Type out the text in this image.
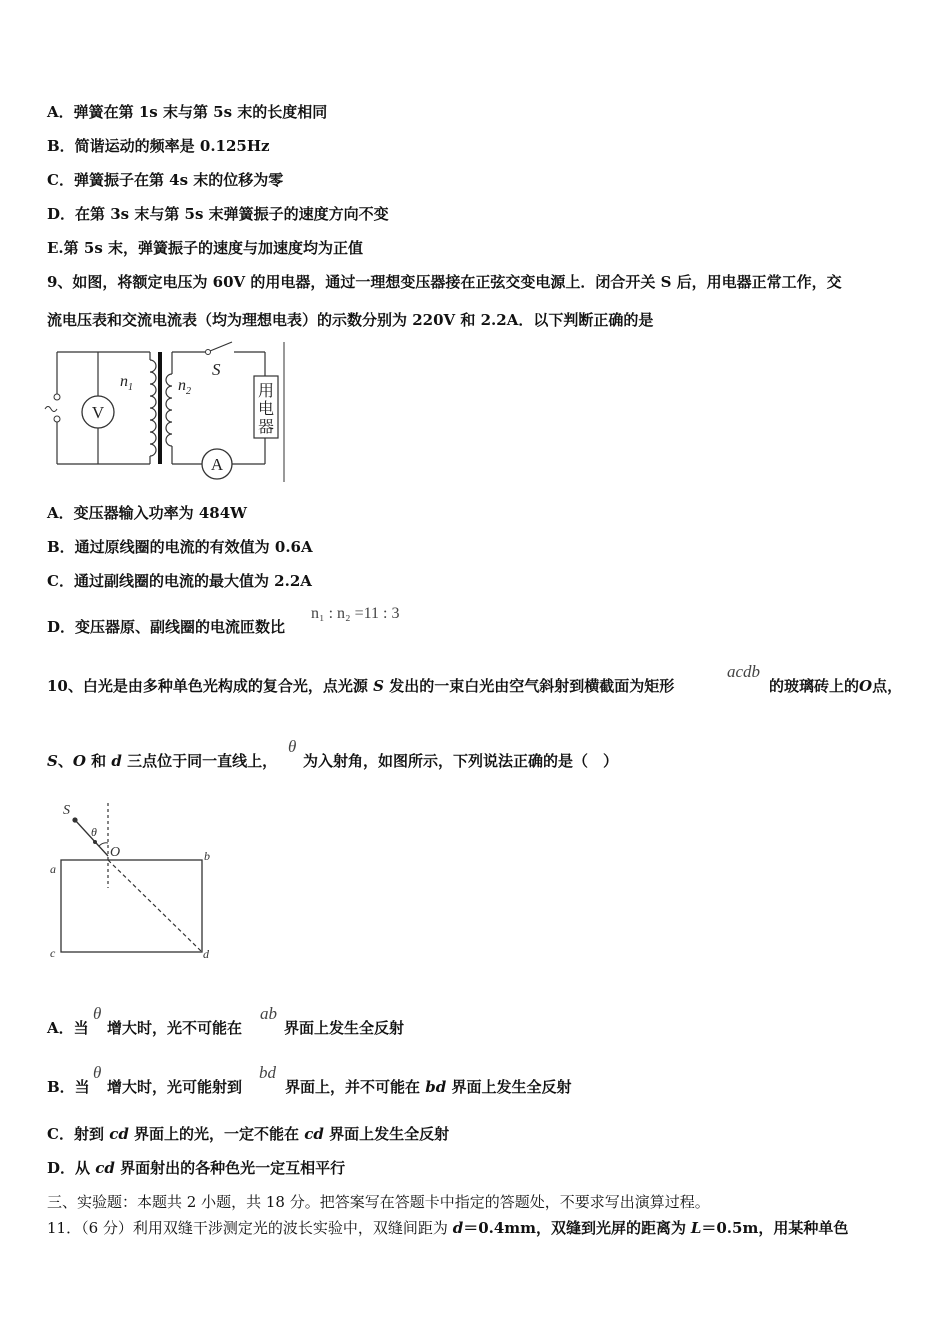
A．弹簧在第 1s 末与第 5s 末的长度相同
B．简谐运动的频率是 0.125Hz
C．弹簧振子在第 4s 末的位移为零
D．在第 3s 末与第 5s 末弹簧振子的速度方向不变
E.第 5s 末，弹簧振子的速度与加速度均为正值
9、如图，将额定电压为 60V 的用电器，通过一理想变压器接在正弦交变电源上．闭合开关 S 后，用电器正常工作，交
流电压表和交流电流表（均为理想电表）的示数分别为 220V 和 2.2A．以下判断正确的是
V
$n_1$	$n_2$
S
用
电
器
A
A．变压器输入功率为 484W
B．通过原线圈的电流的有效值为 0.6A
C．通过副线圈的电流的最大值为 2.2A
D．变压器原、副线圈的电流匝数比
n₁ : n₂ =11 : 3
10、白光是由多种单色光构成的复合光，点光源 S 发出的一束白光由空气斜射到横截面为矩形
acdb
的玻璃砖上的O点，
S、O 和 d 三点位于同一直线上，
θ
为入射角，如图所示，下列说法正确的是（　）
S
θ
O
a
b
c	d
A．当
θ
增大时，光不可能在
ab
界面上发生全反射
B．当
θ
增大时，光可能射到
bd
界面上，并不可能在 bd 界面上发生全反射
C．射到 cd 界面上的光，一定不能在 cd 界面上发生全反射
D．从 cd 界面射出的各种色光一定互相平行
三、实验题：本题共 2 小题，共 18 分。把答案写在答题卡中指定的答题处，不要求写出演算过程。
11．（6 分）利用双缝干涉测定光的波长实验中，双缝间距为 d＝0.4mm，双缝到光屏的距离为 L＝0.5m，用某种单色
